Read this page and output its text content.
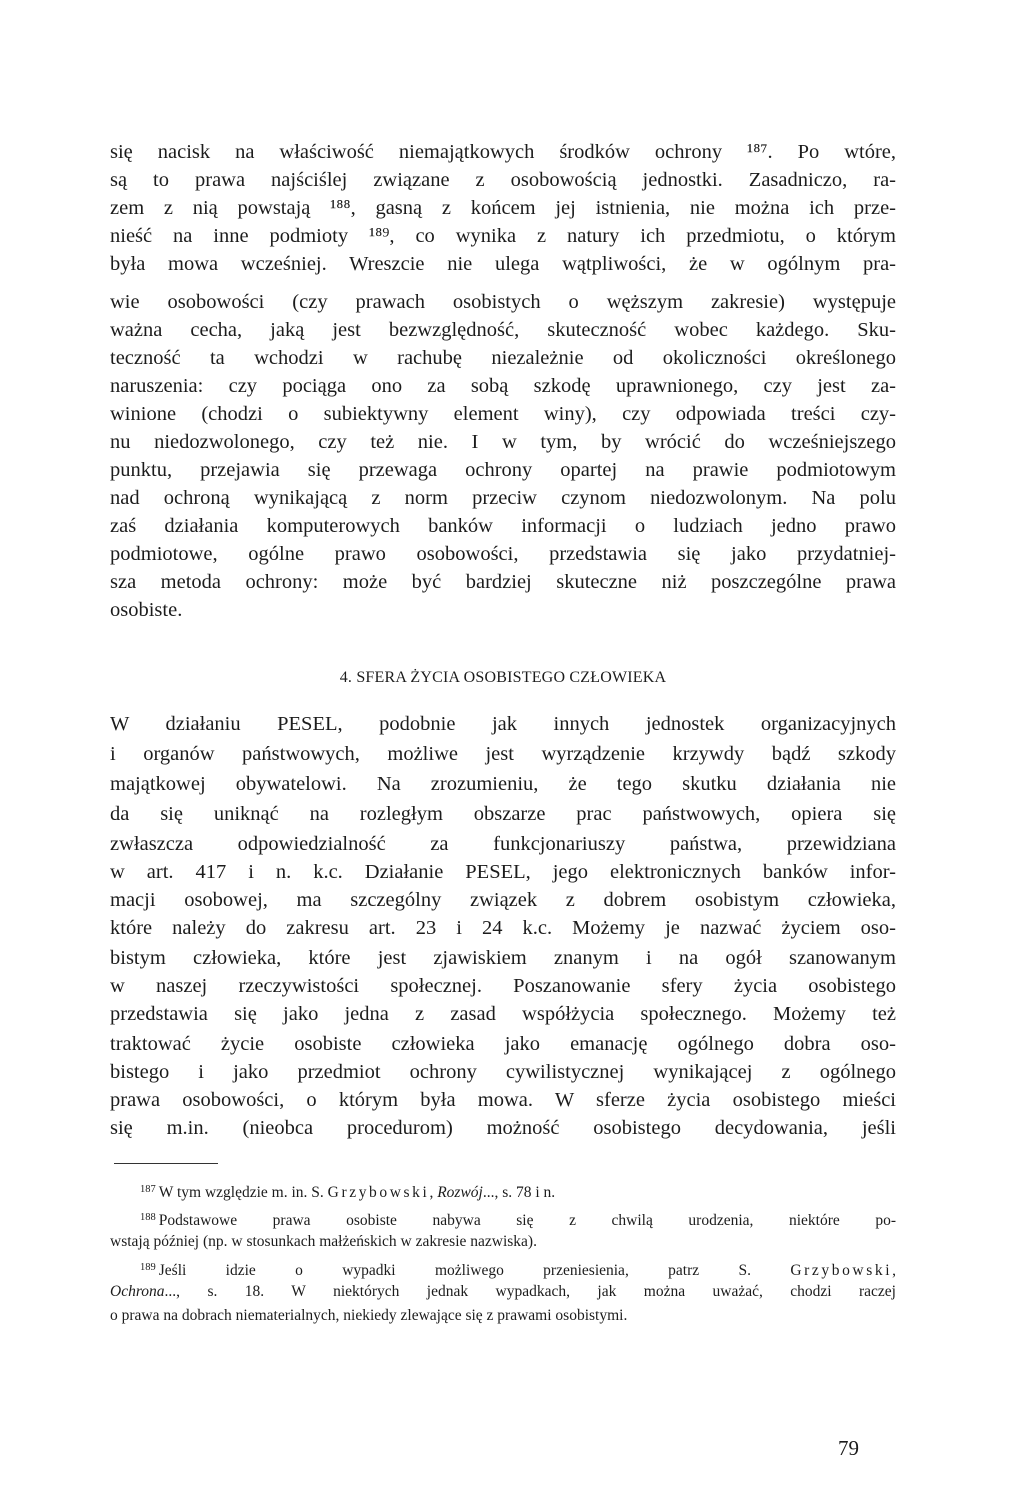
się nacisk na właściwość niemajątkowych środków ochrony ¹⁸⁷. Po wtóre,
są to prawa najściślej związane z osobowością jednostki. Zasadniczo, ra-
zem z nią powstają ¹⁸⁸, gasną z końcem jej istnienia, nie można ich prze-
nieść na inne podmioty ¹⁸⁹, co wynika z natury ich przedmiotu, o którym
była mowa wcześniej. Wreszcie nie ulega wątpliwości, że w ogólnym pra-
wie osobowości (czy prawach osobistych o węższym zakresie) występuje
ważna cecha, jaką jest bezwzględność, skuteczność wobec każdego. Sku-
teczność ta wchodzi w rachubę niezależnie od okoliczności określonego
naruszenia: czy pociąga ono za sobą szkodę uprawnionego, czy jest za-
winione (chodzi o subiektywny element winy), czy odpowiada treści czy-
nu niedozwolonego, czy też nie. I w tym, by wrócić do wcześniejszego
punktu, przejawia się przewaga ochrony opartej na prawie podmiotowym
nad ochroną wynikającą z norm przeciw czynom niedozwolonym. Na polu
zaś działania komputerowych banków informacji o ludziach jedno prawo
podmiotowe, ogólne prawo osobowości, przedstawia się jako przydatniej-
sza metoda ochrony: może być bardziej skuteczne niż poszczególne prawa
osobiste.
4. SFERA ŻYCIA OSOBISTEGO CZŁOWIEKA
W działaniu PESEL, podobnie jak innych jednostek organizacyjnych
i organów państwowych, możliwe jest wyrządzenie krzywdy bądź szkody
majątkowej obywatelowi. Na zrozumieniu, że tego skutku działania nie
da się uniknąć na rozległym obszarze prac państwowych, opiera się
zwłaszcza odpowiedzialność za funkcjonariuszy państwa, przewidziana
w art. 417 i n. k.c. Działanie PESEL, jego elektronicznych banków infor-
macji osobowej, ma szczególny związek z dobrem osobistym człowieka,
które należy do zakresu art. 23 i 24 k.c. Możemy je nazwać życiem oso-
bistym człowieka, które jest zjawiskiem znanym i na ogół szanowanym
w naszej rzeczywistości społecznej. Poszanowanie sfery życia osobistego
przedstawia się jako jedna z zasad współżycia społecznego. Możemy też
traktować życie osobiste człowieka jako emanację ogólnego dobra oso-
bistego i jako przedmiot ochrony cywilistycznej wynikającej z ogólnego
prawa osobowości, o którym była mowa. W sferze życia osobistego mieści
się m.in. (nieobca procedurom) możność osobistego decydowania, jeśli
$^{187}$ W tym względzie m. in. S. Grzybowski, Rozwój..., s. 78 i n.
$^{188}$ Podstawowe prawa osobiste nabywa się z chwilą urodzenia, niektóre po-
wstają później (np. w stosunkach małżeńskich w zakresie nazwiska).
$^{189}$ Jeśli idzie o wypadki możliwego przeniesienia, patrz S. Grzybowski,
Ochrona..., s. 18. W niektórych jednak wypadkach, jak można uważać, chodzi raczej
o prawa na dobrach niematerialnych, niekiedy zlewające się z prawami osobistymi.
79
